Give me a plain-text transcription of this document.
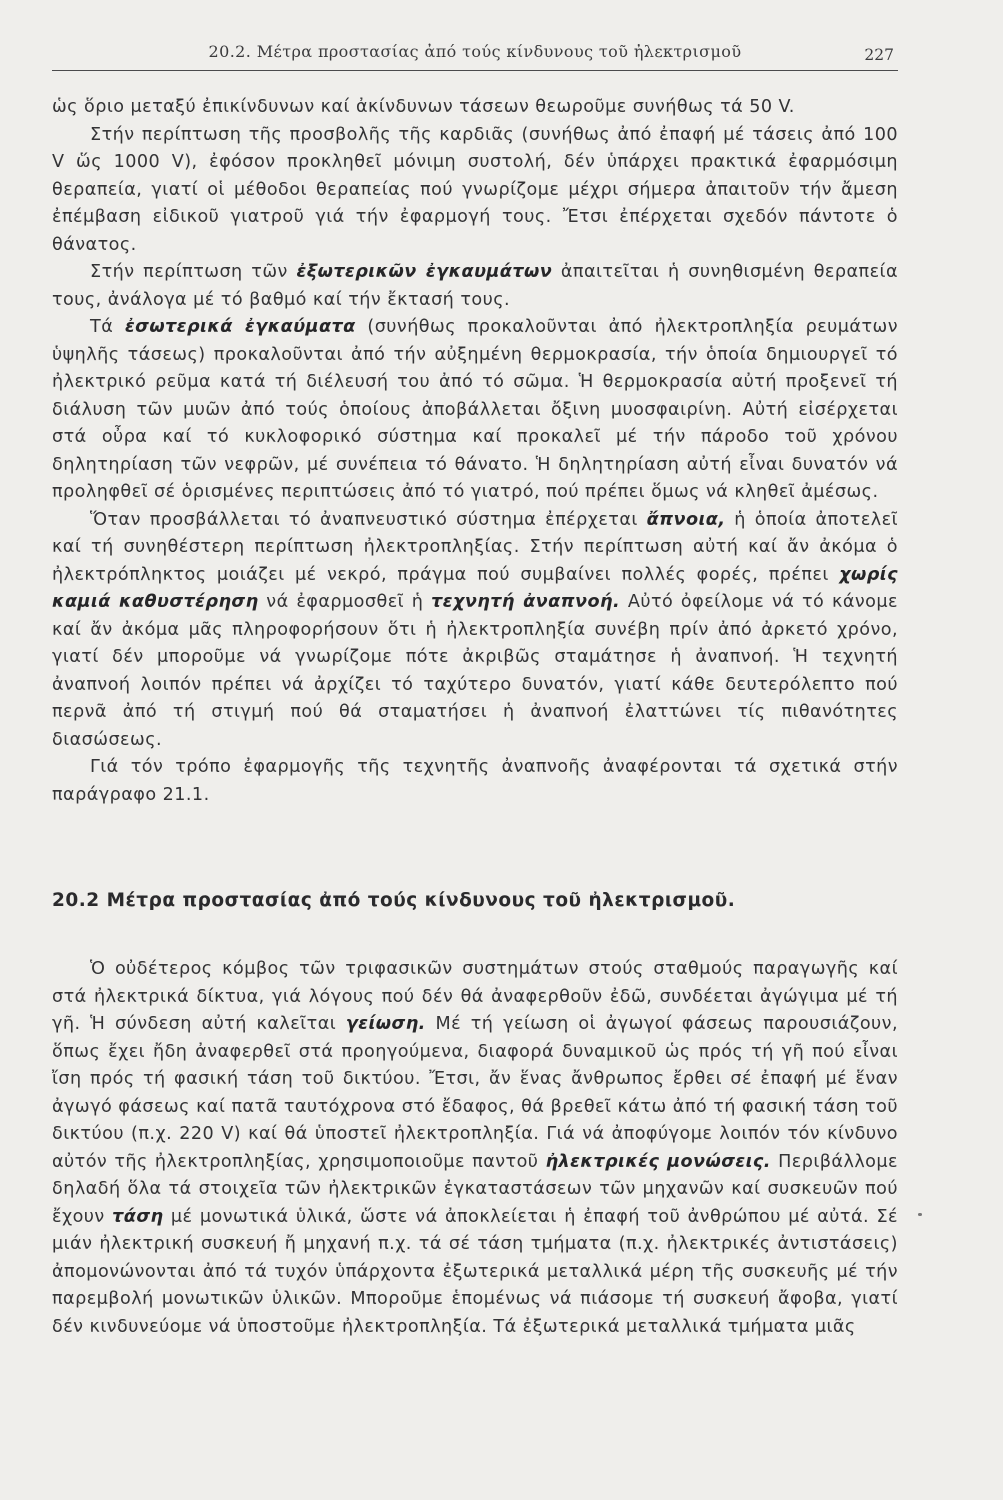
20.2. Μέτρα προστασίας ἀπό τούς κίνδυνους τοῦ ἠλεκτρισμοῦ	227

ὡς ὅριο μεταξύ ἐπικίνδυνων καί ἀκίνδυνων τάσεων θεωροῦμε συνήθως τά 50 V.

Στήν περίπτωση τῆς προσβολῆς τῆς καρδιᾶς (συνήθως ἀπό ἐπαφή μέ τάσεις ἀπό 100 V ὥς 1000 V), ἐφόσον προκληθεῖ μόνιμη συστολή, δέν ὑπάρχει πρακτικά ἐφαρμόσιμη θεραπεία, γιατί οἱ μέθοδοι θεραπείας πού γνωρίζομε μέχρι σήμερα ἀπαιτοῦν τήν ἄμεση ἐπέμβαση εἰδικοῦ γιατροῦ γιά τήν ἐφαρμογή τους. Ἔτσι ἐπέρχεται σχεδόν πάντοτε ὁ θάνατος.

Στήν περίπτωση τῶν ἐξωτερικῶν ἐγκαυμάτων ἀπαιτεῖται ἡ συνηθισμένη θεραπεία τους, ἀνάλογα μέ τό βαθμό καί τήν ἔκτασή τους.

Τά ἐσωτερικά ἐγκαύματα (συνήθως προκαλοῦνται ἀπό ἠλεκτροπληξία ρευμάτων ὑψηλῆς τάσεως) προκαλοῦνται ἀπό τήν αὐξημένη θερμοκρασία, τήν ὁποία δημιουργεῖ τό ἠλεκτρικό ρεῦμα κατά τή διέλευσή του ἀπό τό σῶμα. Ἡ θερμοκρασία αὐτή προξενεῖ τή διάλυση τῶν μυῶν ἀπό τούς ὁποίους ἀποβάλλεται ὄξινη μυοσφαιρίνη. Αὐτή εἰσέρχεται στά οὖρα καί τό κυκλοφορικό σύστημα καί προκαλεῖ μέ τήν πάροδο τοῦ χρόνου δηλητηρίαση τῶν νεφρῶν, μέ συνέπεια τό θάνατο. Ἡ δηλητηρίαση αὐτή εἶναι δυνατόν νά προληφθεῖ σέ ὁρισμένες περιπτώσεις ἀπό τό γιατρό, πού πρέπει ὅμως νά κληθεῖ ἀμέσως.

Ὅταν προσβάλλεται τό ἀναπνευστικό σύστημα ἐπέρχεται ἄπνοια, ἡ ὁποία ἀποτελεῖ καί τή συνηθέστερη περίπτωση ἠλεκτροπληξίας. Στήν περίπτωση αὐτή καί ἄν ἀκόμα ὁ ἠλεκτρόπληκτος μοιάζει μέ νεκρό, πράγμα πού συμβαίνει πολλές φορές, πρέπει χωρίς καμιά καθυστέρηση νά ἐφαρμοσθεῖ ἡ τεχνητή ἀναπνοή. Αὐτό ὀφείλομε νά τό κάνομε καί ἄν ἀκόμα μᾶς πληροφορήσουν ὅτι ἡ ἠλεκτροπληξία συνέβη πρίν ἀπό ἀρκετό χρόνο, γιατί δέν μποροῦμε νά γνωρίζομε πότε ἀκριβῶς σταμάτησε ἡ ἀναπνοή. Ἡ τεχνητή ἀναπνοή λοιπόν πρέπει νά ἀρχίζει τό ταχύτερο δυνατόν, γιατί κάθε δευτερόλεπτο πού περνᾶ ἀπό τή στιγμή πού θά σταματήσει ἡ ἀναπνοή ἐλαττώνει τίς πιθανότητες διασώσεως.

Γιά τόν τρόπο ἐφαρμογῆς τῆς τεχνητῆς ἀναπνοῆς ἀναφέρονται τά σχετικά στήν παράγραφο 21.1.

20.2 Μέτρα προστασίας ἀπό τούς κίνδυνους τοῦ ἠλεκτρισμοῦ.

Ὁ οὐδέτερος κόμβος τῶν τριφασικῶν συστημάτων στούς σταθμούς παραγωγῆς καί στά ἠλεκτρικά δίκτυα, γιά λόγους πού δέν θά ἀναφερθοῦν ἐδῶ, συνδέεται ἀγώγιμα μέ τή γῆ. Ἡ σύνδεση αὐτή καλεῖται γείωση. Μέ τή γείωση οἱ ἀγωγοί φάσεως παρουσιάζουν, ὅπως ἔχει ἤδη ἀναφερθεῖ στά προηγούμενα, διαφορά δυναμικοῦ ὡς πρός τή γῆ πού εἶναι ἴση πρός τή φασική τάση τοῦ δικτύου. Ἔτσι, ἄν ἕνας ἄνθρωπος ἔρθει σέ ἐπαφή μέ ἕναν ἀγωγό φάσεως καί πατᾶ ταυτόχρονα στό ἔδαφος, θά βρεθεῖ κάτω ἀπό τή φασική τάση τοῦ δικτύου (π.χ. 220 V) καί θά ὑποστεῖ ἠλεκτροπληξία. Γιά νά ἀποφύγομε λοιπόν τόν κίνδυνο αὐτόν τῆς ἠλεκτροπληξίας, χρησιμοποιοῦμε παντοῦ ἠλεκτρικές μονώσεις. Περιβάλλομε δηλαδή ὅλα τά στοιχεῖα τῶν ἠλεκτρικῶν ἐγκαταστάσεων τῶν μηχανῶν καί συσκευῶν πού ἔχουν τάση μέ μονωτικά ὑλικά, ὥστε νά ἀποκλείεται ἡ ἐπαφή τοῦ ἀνθρώπου μέ αὐτά. Σέ μιάν ἠλεκτρική συσκευή ἤ μηχανή π.χ. τά σέ τάση τμήματα (π.χ. ἠλεκτρικές ἀντιστάσεις) ἀπομονώνονται ἀπό τά τυχόν ὑπάρχοντα ἐξωτερικά μεταλλικά μέρη τῆς συσκευῆς μέ τήν παρεμβολή μονωτικῶν ὑλικῶν. Μποροῦμε ἑπομένως νά πιάσομε τή συσκευή ἄφοβα, γιατί δέν κινδυνεύομε νά ὑποστοῦμε ἠλεκτροπληξία. Τά ἐξωτερικά μεταλλικά τμήματα μιᾶς
